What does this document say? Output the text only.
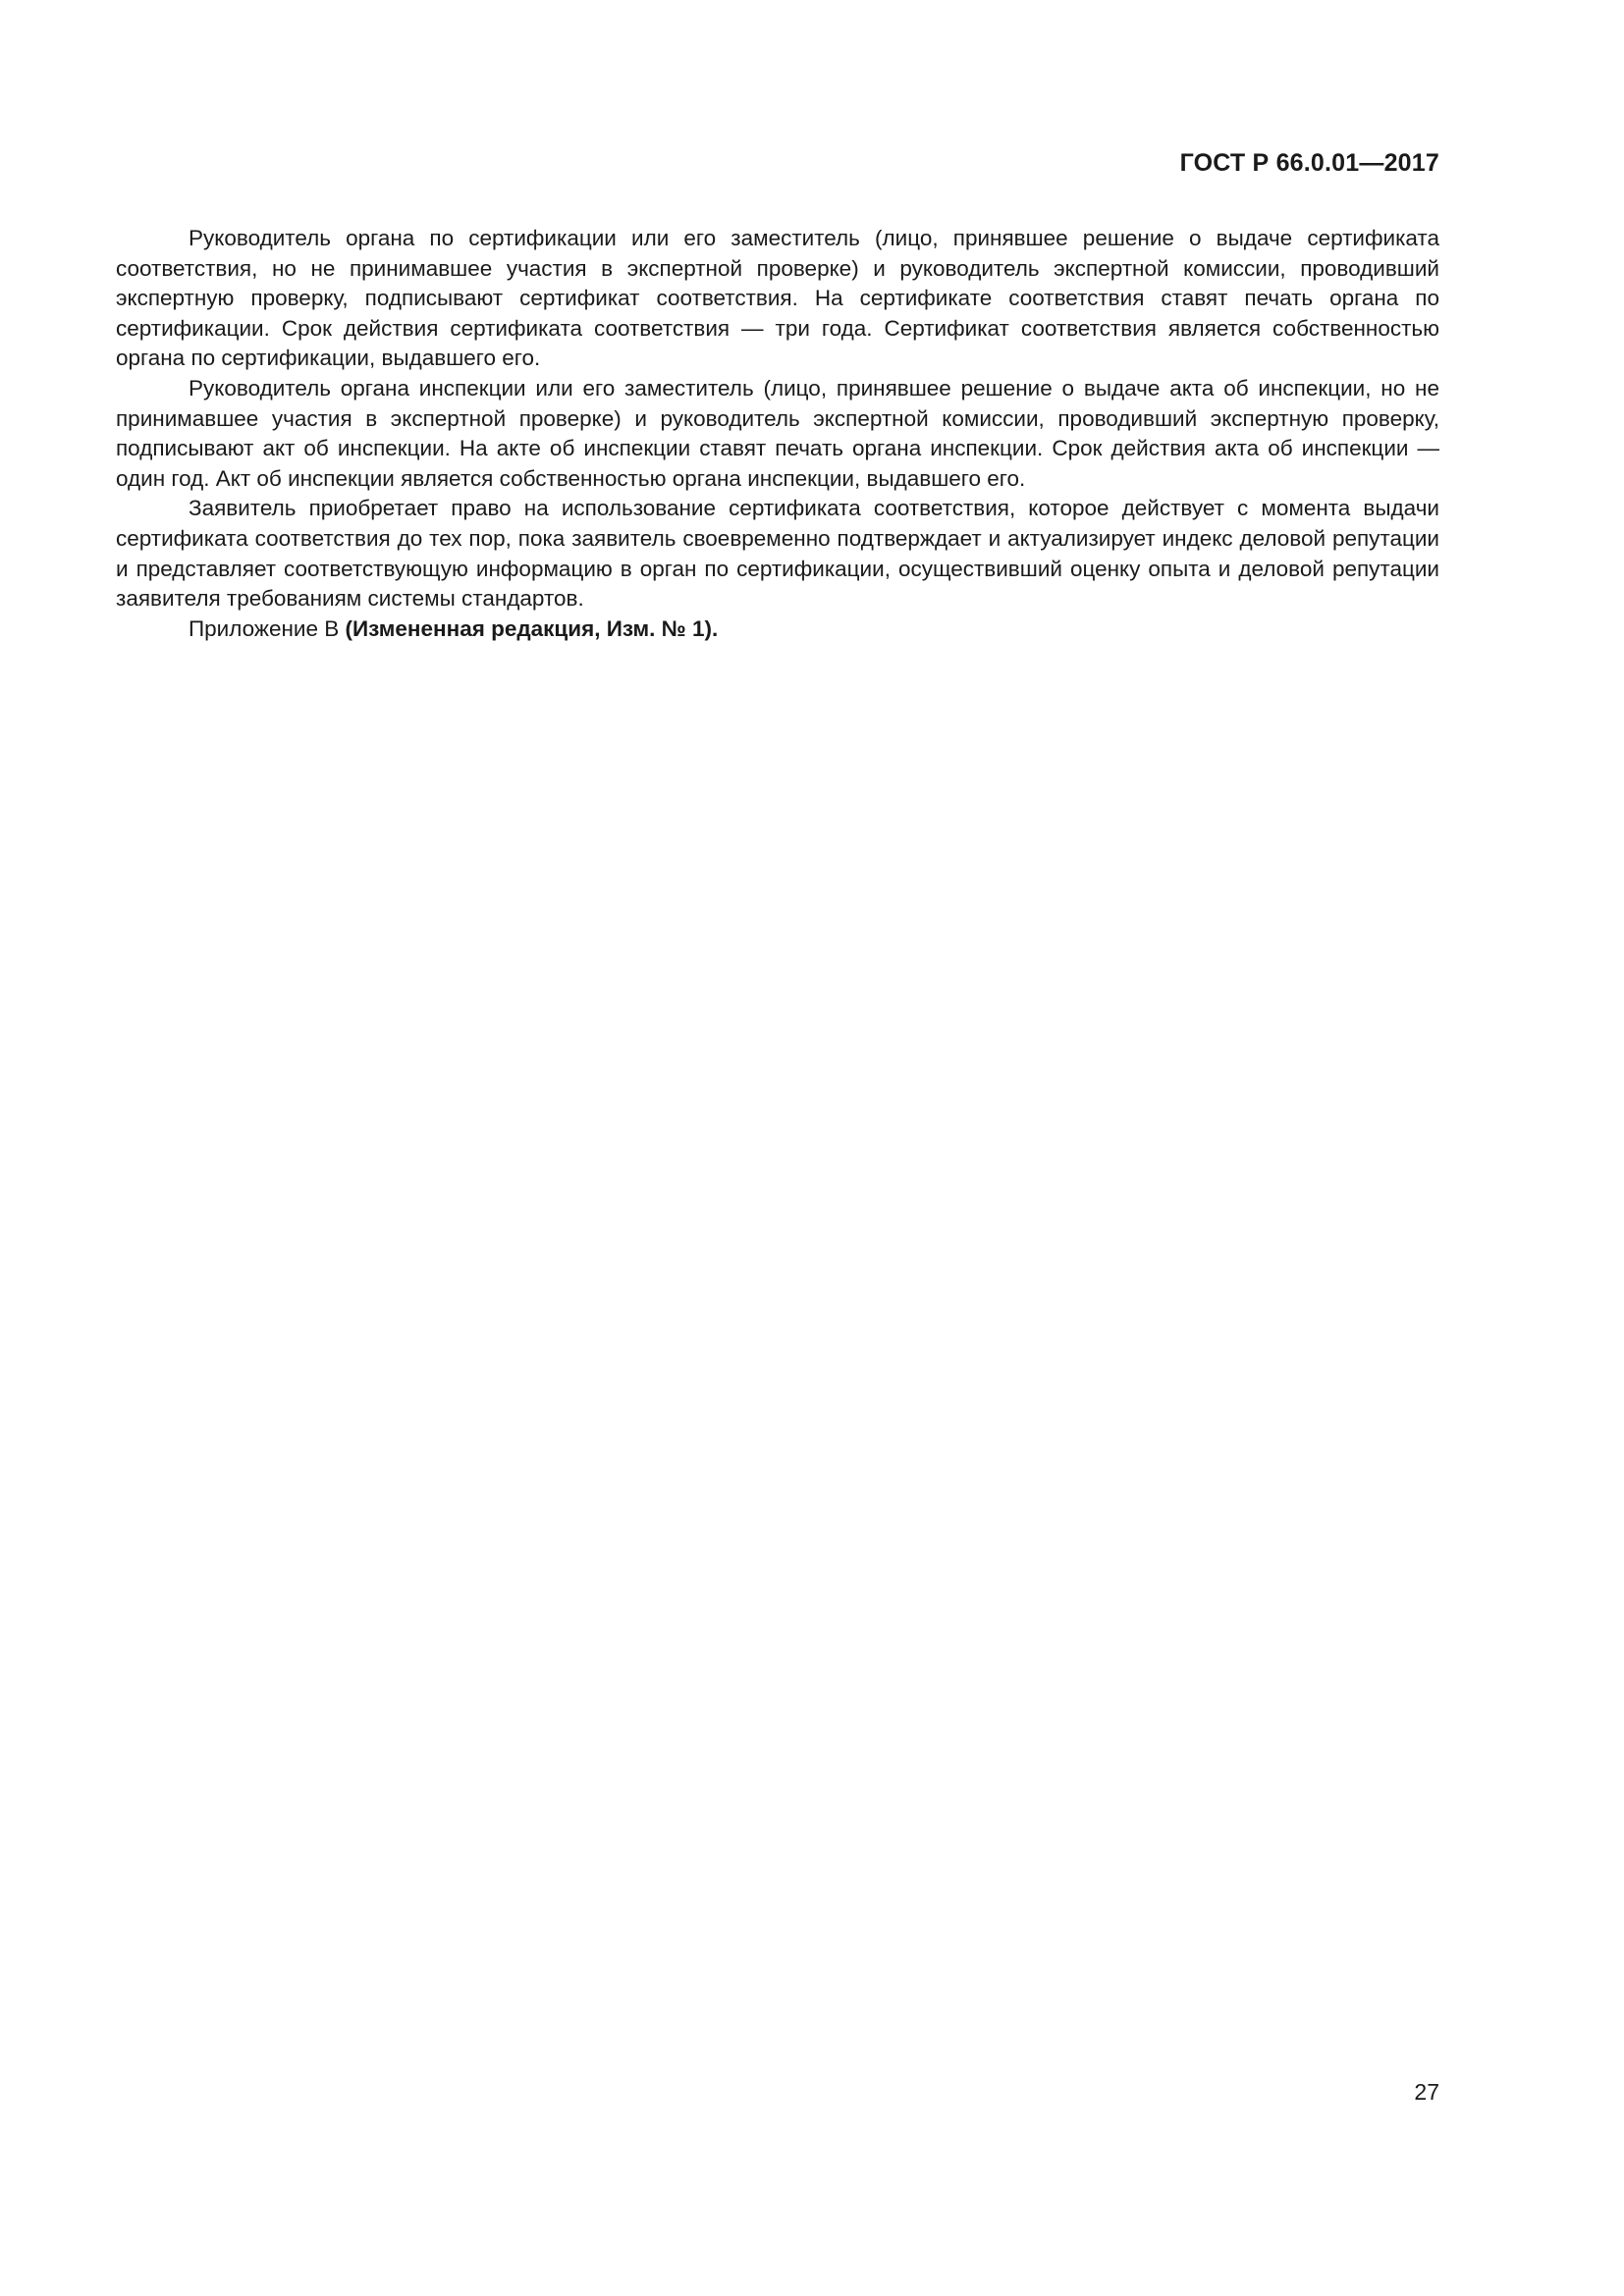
ГОСТ Р 66.0.01—2017

Руководитель органа по сертификации или его заместитель (лицо, принявшее решение о выдаче сертификата соответствия, но не принимавшее участия в экспертной проверке) и руководитель экспертной комиссии, проводивший экспертную проверку, подписывают сертификат соответствия. На сертификате соответствия ставят печать органа по сертификации. Срок действия сертификата соответствия — три года. Сертификат соответствия является собственностью органа по сертификации, выдавшего его.

Руководитель органа инспекции или его заместитель (лицо, принявшее решение о выдаче акта об инспекции, но не принимавшее участия в экспертной проверке) и руководитель экспертной комиссии, проводивший экспертную проверку, подписывают акт об инспекции. На акте об инспекции ставят печать органа инспекции. Срок действия акта об инспекции — один год. Акт об инспекции является собственностью органа инспекции, выдавшего его.

Заявитель приобретает право на использование сертификата соответствия, которое действует с момента выдачи сертификата соответствия до тех пор, пока заявитель своевременно подтверждает и актуализирует индекс деловой репутации и представляет соответствующую информацию в орган по сертификации, осуществивший оценку опыта и деловой репутации заявителя требованиям системы стандартов.

Приложение В (Измененная редакция, Изм. № 1).

27
